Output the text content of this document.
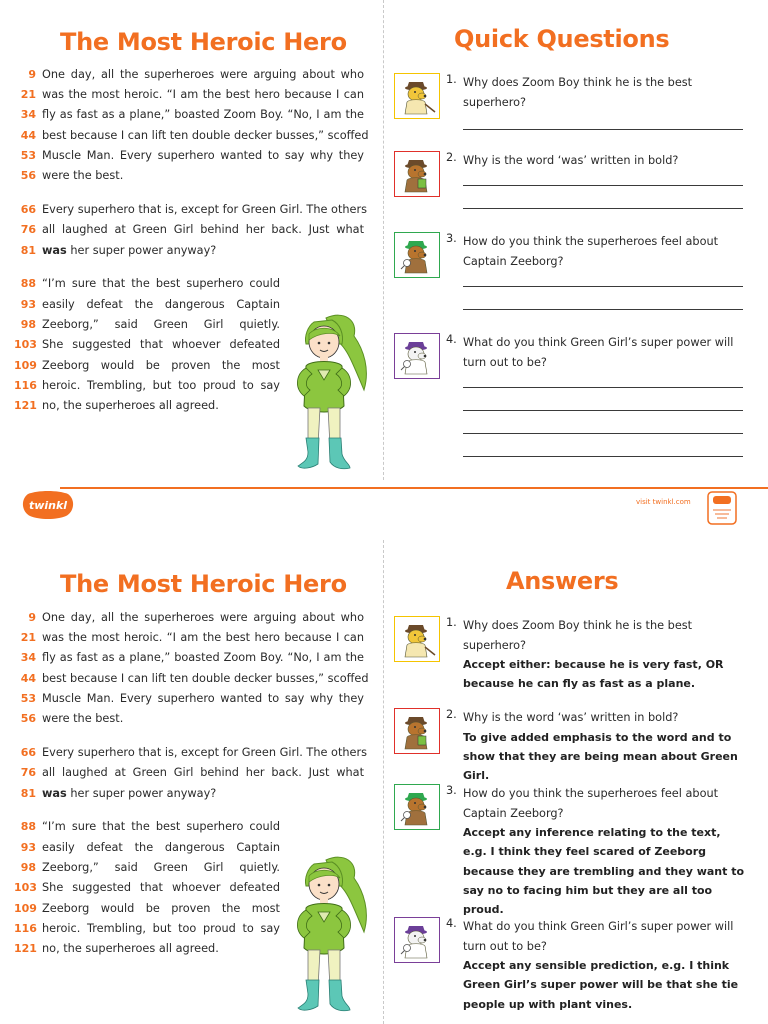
The Most Heroic Hero	Quick Questions
9 One day, all the superheroes were arguing about who
21 was the most heroic. “I am the best hero because I can
34 fly as fast as a plane,” boasted Zoom Boy. “No, I am the
44 best because I can lift ten double decker busses,” scoffed
53 Muscle Man. Every superhero wanted to say why they
56 were the best.
66 Every superhero that is, except for Green Girl. The others
76 all laughed at Green Girl behind her back. Just what
81 was her super power anyway?
88 “I’m sure that the best superhero could
93 easily defeat the dangerous Captain
98 Zeeborg,” said Green Girl quietly.
103 She suggested that whoever defeated
109 Zeeborg would be proven the most
116 heroic. Trembling, but too proud to say
121 no, the superheroes all agreed.
1. Why does Zoom Boy think he is the best superhero?
2. Why is the word ‘was’ written in bold?
3. How do you think the superheroes feel about Captain Zeeborg?
4. What do you think Green Girl’s super power will turn out to be?
twinkl	visit twinkl.com
The Most Heroic Hero	Answers
9 One day, all the superheroes were arguing about who
21 was the most heroic. “I am the best hero because I can
34 fly as fast as a plane,” boasted Zoom Boy. “No, I am the
44 best because I can lift ten double decker busses,” scoffed
53 Muscle Man. Every superhero wanted to say why they
56 were the best.
66 Every superhero that is, except for Green Girl. The others
76 all laughed at Green Girl behind her back. Just what
81 was her super power anyway?
88 “I’m sure that the best superhero could
93 easily defeat the dangerous Captain
98 Zeeborg,” said Green Girl quietly.
103 She suggested that whoever defeated
109 Zeeborg would be proven the most
116 heroic. Trembling, but too proud to say
121 no, the superheroes all agreed.
1. Why does Zoom Boy think he is the best superhero?
Accept either: because he is very fast, OR because he can fly as fast as a plane.
2. Why is the word ‘was’ written in bold?
To give added emphasis to the word and to show that they are being mean about Green Girl.
3. How do you think the superheroes feel about Captain Zeeborg?
Accept any inference relating to the text, e.g. I think they feel scared of Zeeborg because they are trembling and they want to say no to facing him but they are all too proud.
4. What do you think Green Girl’s super power will turn out to be?
Accept any sensible prediction, e.g. I think Green Girl’s super power will be that she tie people up with plant vines.
